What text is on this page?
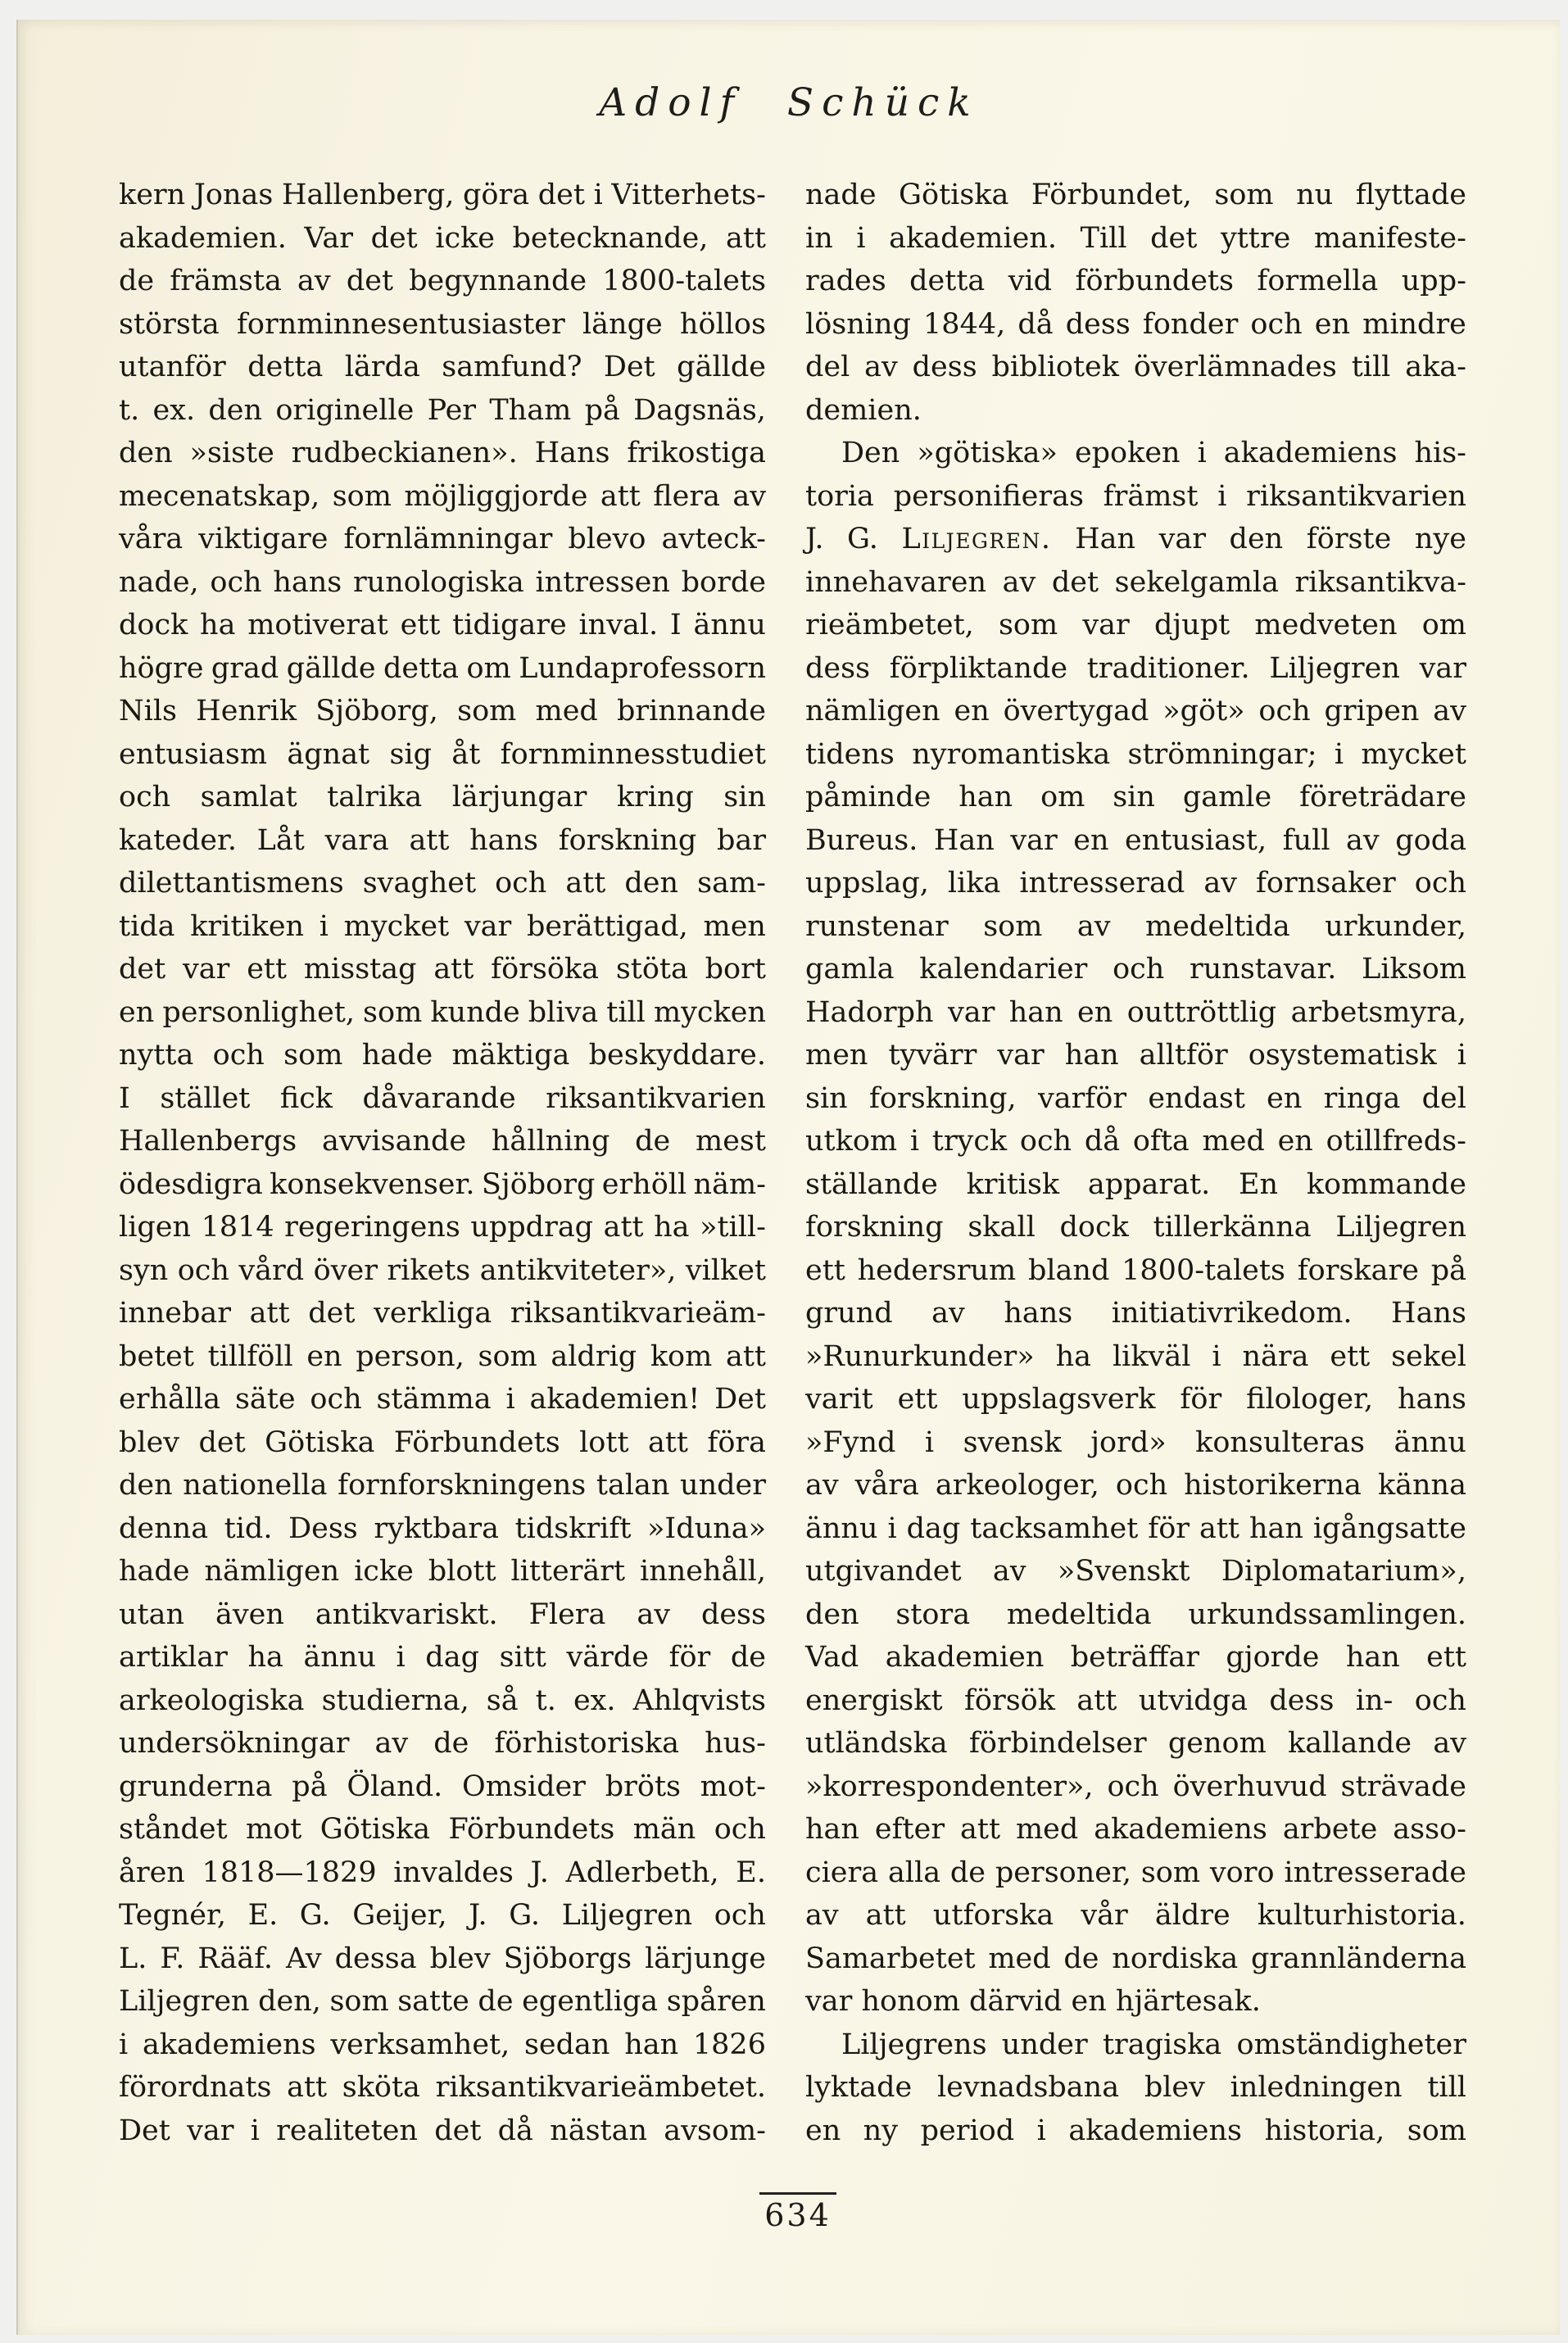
Adolf Schück
kern Jonas Hallenberg, göra det i Vitterhets-
akademien. Var det icke betecknande, att
de främsta av det begynnande 1800-talets
största fornminnesentusiaster länge höllos
utanför detta lärda samfund? Det gällde
t. ex. den originelle Per Tham på Dagsnäs,
den »siste rudbeckianen». Hans frikostiga
mecenatskap, som möjliggjorde att flera av
våra viktigare fornlämningar blevo avteck-
nade, och hans runologiska intressen borde
dock ha motiverat ett tidigare inval. I ännu
högre grad gällde detta om Lundaprofessorn
Nils Henrik Sjöborg, som med brinnande
entusiasm ägnat sig åt fornminnesstudiet
och samlat talrika lärjungar kring sin
kateder. Låt vara att hans forskning bar
dilettantismens svaghet och att den sam-
tida kritiken i mycket var berättigad, men
det var ett misstag att försöka stöta bort
en personlighet, som kunde bliva till mycken
nytta och som hade mäktiga beskyddare.
I stället fick dåvarande riksantikvarien
Hallenbergs avvisande hållning de mest
ödesdigra konsekvenser. Sjöborg erhöll näm-
ligen 1814 regeringens uppdrag att ha »till-
syn och vård över rikets antikviteter», vilket
innebar att det verkliga riksantikvarieäm-
betet tillföll en person, som aldrig kom att
erhålla säte och stämma i akademien! Det
blev det Götiska Förbundets lott att föra
den nationella fornforskningens talan under
denna tid. Dess ryktbara tidskrift »Iduna»
hade nämligen icke blott litterärt innehåll,
utan även antikvariskt. Flera av dess
artiklar ha ännu i dag sitt värde för de
arkeologiska studierna, så t. ex. Ahlqvists
undersökningar av de förhistoriska hus-
grunderna på Öland. Omsider bröts mot-
ståndet mot Götiska Förbundets män och
åren 1818—1829 invaldes J. Adlerbeth, E.
Tegnér, E. G. Geijer, J. G. Liljegren och
L. F. Rääf. Av dessa blev Sjöborgs lärjunge
Liljegren den, som satte de egentliga spåren
i akademiens verksamhet, sedan han 1826
förordnats att sköta riksantikvarieämbetet.
Det var i realiteten det då nästan avsom-
nade Götiska Förbundet, som nu flyttade
in i akademien. Till det yttre manifeste-
rades detta vid förbundets formella upp-
lösning 1844, då dess fonder och en mindre
del av dess bibliotek överlämnades till aka-
demien.
Den »götiska» epoken i akademiens his-
toria personifieras främst i riksantikvarien
J. G. Liljegren. Han var den förste nye
innehavaren av det sekelgamla riksantikva-
rieämbetet, som var djupt medveten om
dess förpliktande traditioner. Liljegren var
nämligen en övertygad »göt» och gripen av
tidens nyromantiska strömningar; i mycket
påminde han om sin gamle företrädare
Bureus. Han var en entusiast, full av goda
uppslag, lika intresserad av fornsaker och
runstenar som av medeltida urkunder,
gamla kalendarier och runstavar. Liksom
Hadorph var han en outtröttlig arbetsmyra,
men tyvärr var han alltför osystematisk i
sin forskning, varför endast en ringa del
utkom i tryck och då ofta med en otillfreds-
ställande kritisk apparat. En kommande
forskning skall dock tillerkänna Liljegren
ett hedersrum bland 1800-talets forskare på
grund av hans initiativrikedom. Hans
»Runurkunder» ha likväl i nära ett sekel
varit ett uppslagsverk för filologer, hans
»Fynd i svensk jord» konsulteras ännu
av våra arkeologer, och historikerna känna
ännu i dag tacksamhet för att han igångsatte
utgivandet av »Svenskt Diplomatarium»,
den stora medeltida urkundssamlingen.
Vad akademien beträffar gjorde han ett
energiskt försök att utvidga dess in- och
utländska förbindelser genom kallande av
»korrespondenter», och överhuvud strävade
han efter att med akademiens arbete asso-
ciera alla de personer, som voro intresserade
av att utforska vår äldre kulturhistoria.
Samarbetet med de nordiska grannländerna
var honom därvid en hjärtesak.
Liljegrens under tragiska omständigheter
lyktade levnadsbana blev inledningen till
en ny period i akademiens historia, som
634
